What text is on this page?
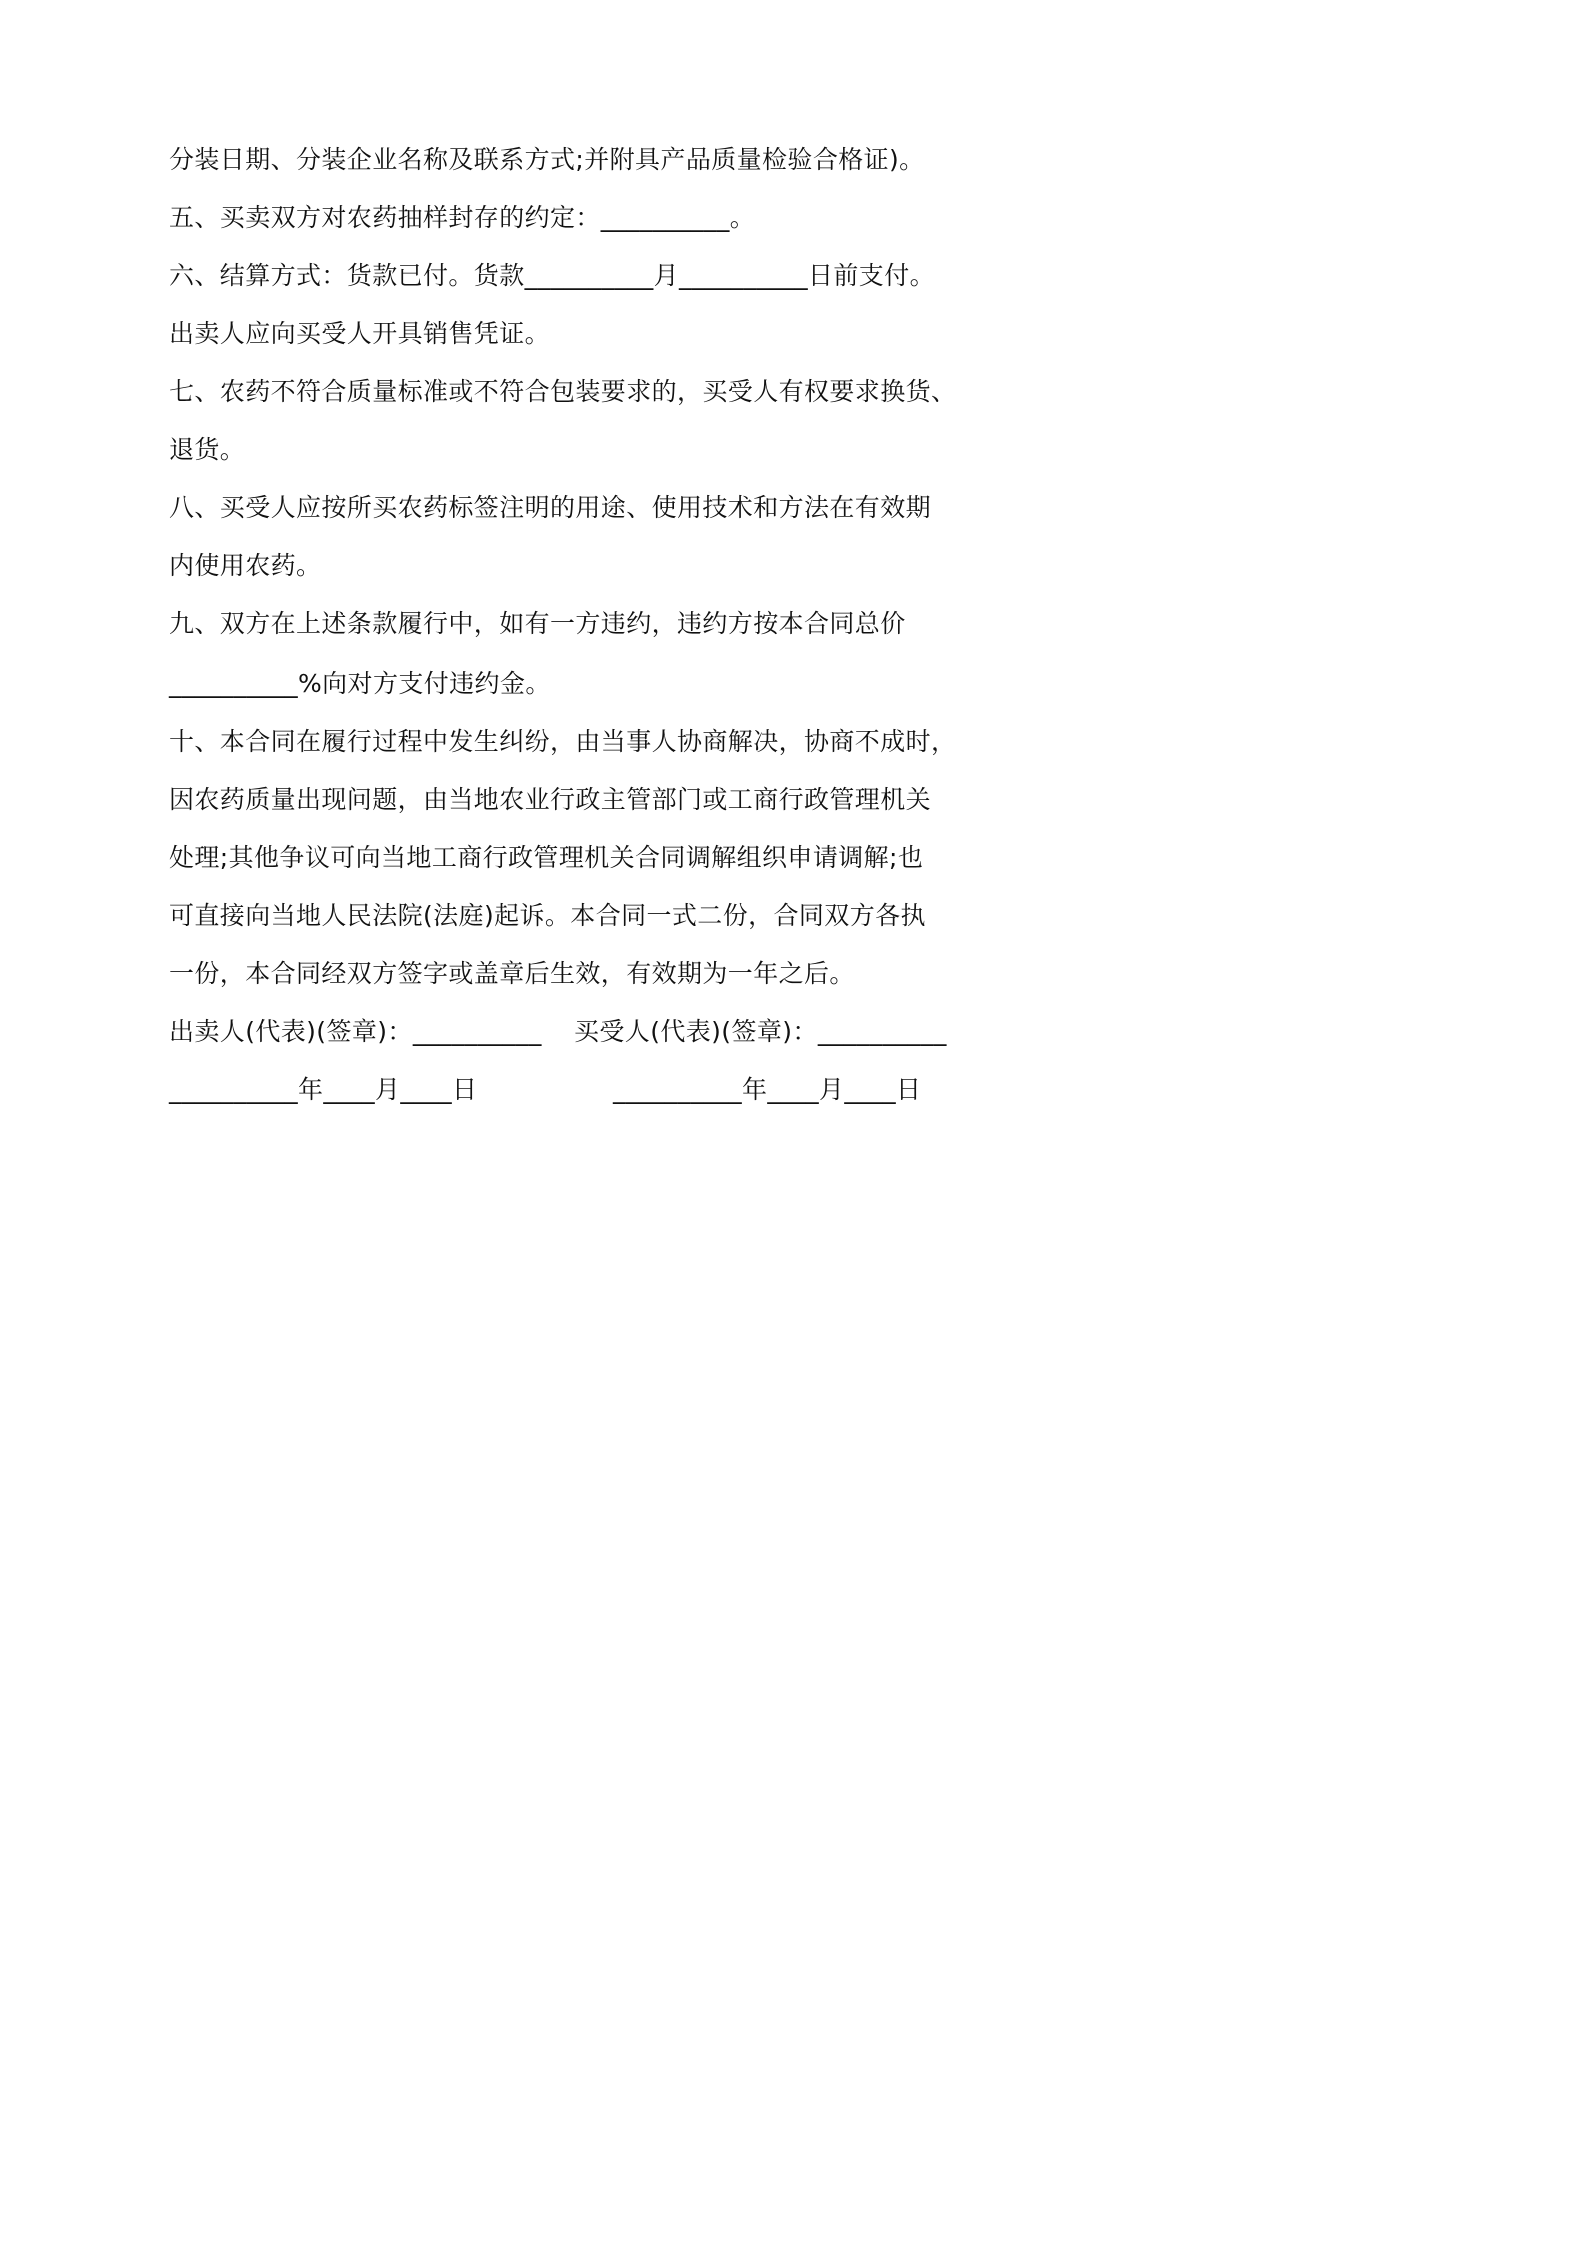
分装日期、分装企业名称及联系方式;并附具产品质量检验合格证)。
五、买卖双方对农药抽样封存的约定：__________。
六、结算方式：货款已付。货款__________月__________日前支付。
出卖人应向买受人开具销售凭证。
七、农药不符合质量标准或不符合包装要求的，买受人有权要求换货、
退货。
八、买受人应按所买农药标签注明的用途、使用技术和方法在有效期
内使用农药。
九、双方在上述条款履行中，如有一方违约，违约方按本合同总价
__________%向对方支付违约金。
十、本合同在履行过程中发生纠纷，由当事人协商解决，协商不成时，
因农药质量出现问题，由当地农业行政主管部门或工商行政管理机关
处理;其他争议可向当地工商行政管理机关合同调解组织申请调解;也
可直接向当地人民法院(法庭)起诉。本合同一式二份，合同双方各执
一份，本合同经双方签字或盖章后生效，有效期为一年之后。
出卖人(代表)(签章)：__________ 买受人(代表)(签章)：__________
__________年____月____日	__________年____月____日
